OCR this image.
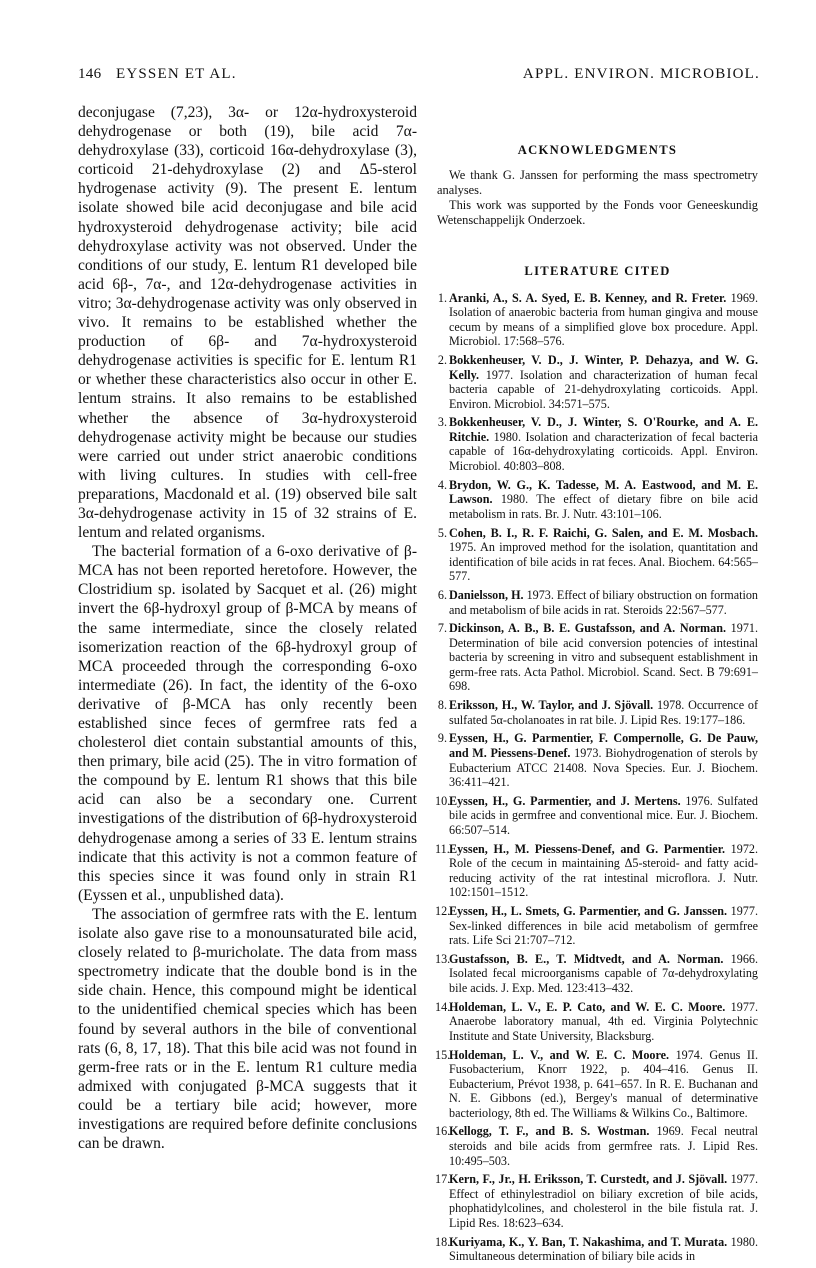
146 EYSSEN ET AL.	APPL. ENVIRON. MICROBIOL.

deconjugase (7,23), 3α- or 12α-hydroxysteroid dehydrogenase or both (19), bile acid 7α-dehydroxylase (33), corticoid 16α-dehydroxylase (3), corticoid 21-dehydroxylase (2) and Δ5-sterol hydrogenase activity (9). The present E. lentum isolate showed bile acid deconjugase and bile acid hydroxysteroid dehydrogenase activity; bile acid dehydroxylase activity was not observed. Under the conditions of our study, E. lentum R1 developed bile acid 6β-, 7α-, and 12α-dehydrogenase activities in vitro; 3α-dehydrogenase activity was only observed in vivo. It remains to be established whether the production of 6β- and 7α-hydroxysteroid dehydrogenase activities is specific for E. lentum R1 or whether these characteristics also occur in other E. lentum strains. It also remains to be established whether the absence of 3α-hydroxysteroid dehydrogenase activity might be because our studies were carried out under strict anaerobic conditions with living cultures. In studies with cell-free preparations, Macdonald et al. (19) observed bile salt 3α-dehydrogenase activity in 15 of 32 strains of E. lentum and related organisms.

The bacterial formation of a 6-oxo derivative of β-MCA has not been reported heretofore. However, the Clostridium sp. isolated by Sacquet et al. (26) might invert the 6β-hydroxyl group of β-MCA by means of the same intermediate, since the closely related isomerization reaction of the 6β-hydroxyl group of MCA proceeded through the corresponding 6-oxo intermediate (26). In fact, the identity of the 6-oxo derivative of β-MCA has only recently been established since feces of germfree rats fed a cholesterol diet contain substantial amounts of this, then primary, bile acid (25). The in vitro formation of the compound by E. lentum R1 shows that this bile acid can also be a secondary one. Current investigations of the distribution of 6β-hydroxysteroid dehydrogenase among a series of 33 E. lentum strains indicate that this activity is not a common feature of this species since it was found only in strain R1 (Eyssen et al., unpublished data).

The association of germfree rats with the E. lentum isolate also gave rise to a monounsaturated bile acid, closely related to β-muricholate. The data from mass spectrometry indicate that the double bond is in the side chain. Hence, this compound might be identical to the unidentified chemical species which has been found by several authors in the bile of conventional rats (6, 8, 17, 18). That this bile acid was not found in germ-free rats or in the E. lentum R1 culture media admixed with conjugated β-MCA suggests that it could be a tertiary bile acid; however, more investigations are required before definite conclusions can be drawn.

ACKNOWLEDGMENTS

We thank G. Janssen for performing the mass spectrometry analyses.

This work was supported by the Fonds voor Geneeskundig Wetenschappelijk Onderzoek.

LITERATURE CITED
1. Aranki, A., S. A. Syed, E. B. Kenney, and R. Freter. 1969. Isolation of anaerobic bacteria from human gingiva and mouse cecum by means of a simplified glove box procedure. Appl. Microbiol. 17:568–576.
2. Bokkenheuser, V. D., J. Winter, P. Dehazya, and W. G. Kelly. 1977. Isolation and characterization of human fecal bacteria capable of 21-dehydroxylating corticoids. Appl. Environ. Microbiol. 34:571–575.
3. Bokkenheuser, V. D., J. Winter, S. O'Rourke, and A. E. Ritchie. 1980. Isolation and characterization of fecal bacteria capable of 16α-dehydroxylating corticoids. Appl. Environ. Microbiol. 40:803–808.
4. Brydon, W. G., K. Tadesse, M. A. Eastwood, and M. E. Lawson. 1980. The effect of dietary fibre on bile acid metabolism in rats. Br. J. Nutr. 43:101–106.
5. Cohen, B. I., R. F. Raichi, G. Salen, and E. M. Mosbach. 1975. An improved method for the isolation, quantitation and identification of bile acids in rat feces. Anal. Biochem. 64:565–577.
6. Danielsson, H. 1973. Effect of biliary obstruction on formation and metabolism of bile acids in rat. Steroids 22:567–577.
7. Dickinson, A. B., B. E. Gustafsson, and A. Norman. 1971. Determination of bile acid conversion potencies of intestinal bacteria by screening in vitro and subsequent establishment in germ-free rats. Acta Pathol. Microbiol. Scand. Sect. B 79:691–698.
8. Eriksson, H., W. Taylor, and J. Sjövall. 1978. Occurrence of sulfated 5α-cholanoates in rat bile. J. Lipid Res. 19:177–186.
9. Eyssen, H., G. Parmentier, F. Compernolle, G. De Pauw, and M. Piessens-Denef. 1973. Biohydrogenation of sterols by Eubacterium ATCC 21408. Nova Species. Eur. J. Biochem. 36:411–421.
10.
Eyssen, H., G. Parmentier, and J. Mertens. 1976. Sulfated bile acids in germfree and conventional mice. Eur. J. Biochem. 66:507–514.
11. Eyssen, H., M. Piessens-Denef, and G. Parmentier. 1972. Role of the cecum in maintaining Δ5-steroid- and fatty acid-reducing activity of the rat intestinal microflora. J. Nutr. 102:1501–1512.
12.
Eyssen, H., L. Smets, G. Parmentier, and G. Janssen. 1977. Sex-linked differences in bile acid metabolism of germfree rats. Life Sci 21:707–712.
13.
Gustafsson, B. E., T. Midtvedt, and A. Norman. 1966. Isolated fecal microorganisms capable of 7α-dehydroxylating bile acids. J. Exp. Med. 123:413–432.
14.
Holdeman, L. V., E. P. Cato, and W. E. C. Moore. 1977. Anaerobe laboratory manual, 4th ed. Virginia Polytechnic Institute and State University, Blacksburg.
15.
Holdeman, L. V., and W. E. C. Moore. 1974. Genus II. Fusobacterium, Knorr 1922, p. 404–416. Genus II. Eubacterium, Prévot 1938, p. 641–657. In R. E. Buchanan and N. E. Gibbons (ed.), Bergey's manual of determinative bacteriology, 8th ed. The Williams & Wilkins Co., Baltimore.
16.
Kellogg, T. F., and B. S. Wostman. 1969. Fecal neutral steroids and bile acids from germfree rats. J. Lipid Res. 10:495–503.
17.
Kern, F., Jr., H. Eriksson, T. Curstedt, and J. Sjövall. 1977. Effect of ethinylestradiol on biliary excretion of bile acids, phophatidylcolines, and cholesterol in the bile fistula rat. J. Lipid Res. 18:623–634.
18.
Kuriyama, K., Y. Ban, T. Nakashima, and T. Murata. 1980. Simultaneous determination of biliary bile acids in
